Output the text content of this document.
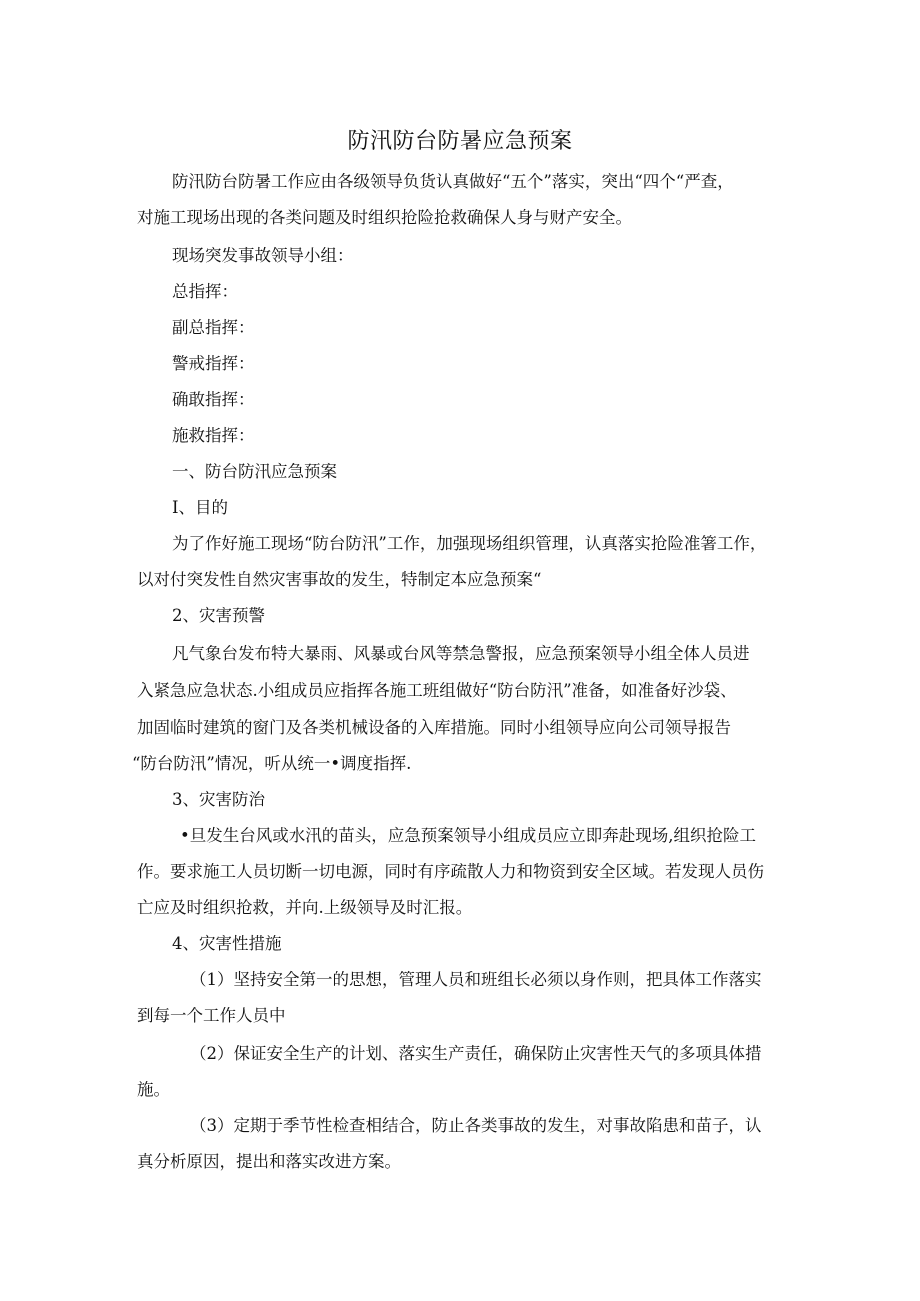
防汛防台防暑应急预案
防汛防台防暑工作应由各级领导负货认真做好“五个”落实，突出“四个“严查，
对施工现场出现的各类问题及时组织抢险抢救确保人身与财产安全。
现场突发事故领导小组：
总指挥：
副总指挥：
警戒指挥：
确敢指挥：
施救指挥：
一、防台防汛应急预案
I、目的
为了作好施工现场“防台防汛”工作，加强现场组织管理，认真落实抢险准箸工作，
以对付突发性自然灾害事故的发生，特制定本应急预案“
2、灾害预警
凡气象台发布特大暴雨、风暴或台风等禁急警报，应急预案领导小组全体人员进
入紧急应急状态.小组成员应指挥各施工班组做好“防台防汛”准备，如准备好沙袋、
加固临时建筑的窗门及各类机械设备的入库措施。同时小组领导应向公司领导报告
“防台防汛”情况，听从统一•调度指挥.
3、灾害防治
•旦发生台风或水汛的苗头，应急预案领导小组成员应立即奔赴现场,组织抢险工
作。要求施工人员切断一切电源，同时有序疏散人力和物资到安全区域。若发现人员伤
亡应及时组织抢救，并向.上级领导及时汇报。
4、灾害性措施
（1）坚持安全第一的思想，管理人员和班组长必须以身作则，把具体工作落实
到每一个工作人员中
（2）保证安全生产的计划、落实生产责任，确保防止灾害性天气的多项具体措
施。
（3）定期于季节性检查相结合，防止各类事故的发生，对事故陷患和苗子，认
真分析原因，提出和落实改进方案。
